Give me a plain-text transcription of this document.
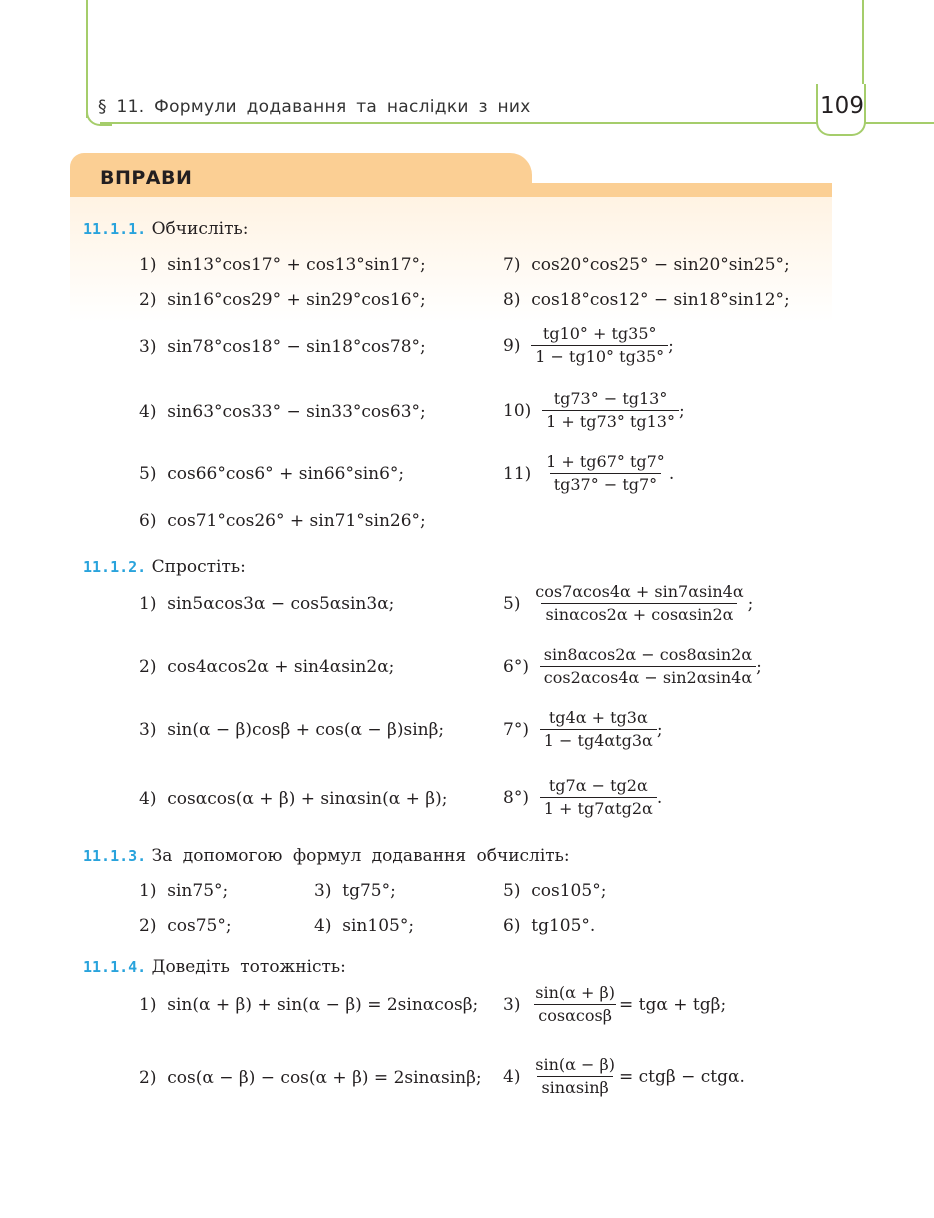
§ 11. Формули додавання та наслідки з них	109
ВПРАВИ
11.1.1. Обчисліть:
1) sin13°cos17° + cos13°sin17°;
2) sin16°cos29° + sin29°cos16°;
3) sin78°cos18° − sin18°cos78°;
4) sin63°cos33° − sin33°cos63°;
5) cos66°cos6° + sin66°sin6°;
6) cos71°cos26° + sin71°sin26°;
7) cos20°cos25° − sin20°sin25°;
8) cos18°cos12° − sin18°sin12°;
9)
$\frac{tg10^\circ + tg35^\circ}{1 - tg10^\circ tg35^\circ}$ ;
10)
$\frac{tg73^\circ - tg13^\circ}{1 + tg73^\circ tg13^\circ}$ ;
11)
$\frac{1 + tg67^\circ tg7^\circ}{tg37^\circ - tg7^\circ}$ .
11.1.2. Спростіть:
1) sin5αcos3α − cos5αsin3α;
2) cos4αcos2α + sin4αsin2α;
3) sin(α − β)cosβ + cos(α − β)sinβ;
4) cosαcos(α + β) + sinαsin(α + β);
5)
$\frac{\cos 7\alpha\cos 4\alpha + \sin 7\alpha\sin 4\alpha}{\sin\alpha\cos 2\alpha + \cos\alpha\sin 2\alpha}$ ;
6°)
$\frac{\sin 8\alpha\cos 2\alpha - \cos 8\alpha\sin 2\alpha}{\cos 2\alpha\cos 4\alpha - \sin 2\alpha\sin 4\alpha}$ ;
7°)
$\frac{tg4\alpha + tg3\alpha}{\text{1 − tg4αtg3α}}$ ;
8°)
$\frac{tg7\alpha - tg2\alpha}{\text{1 + tg7αtg2α}}$ .
11.1.3. За допомогою формул додавання обчисліть:
1) sin75°;
2) cos75°;
3) tg75°;
4) sin105°;
5) cos105°;
6) tg105°.
11.1.4. Доведіть тотожність:
1) sin(α + β) + sin(α − β) = 2sinαcosβ;
2) cos(α − β) − cos(α + β) = 2sinαsinβ;
3)
$\frac{\sin(\alpha + \beta)}{\cos\alpha\cos\beta} = tg\alpha + tg\beta$;
4)
$\frac{\sin(\alpha - \beta)}{\sin\alpha\sin\beta} = ctg\beta - ctg\alpha$.
